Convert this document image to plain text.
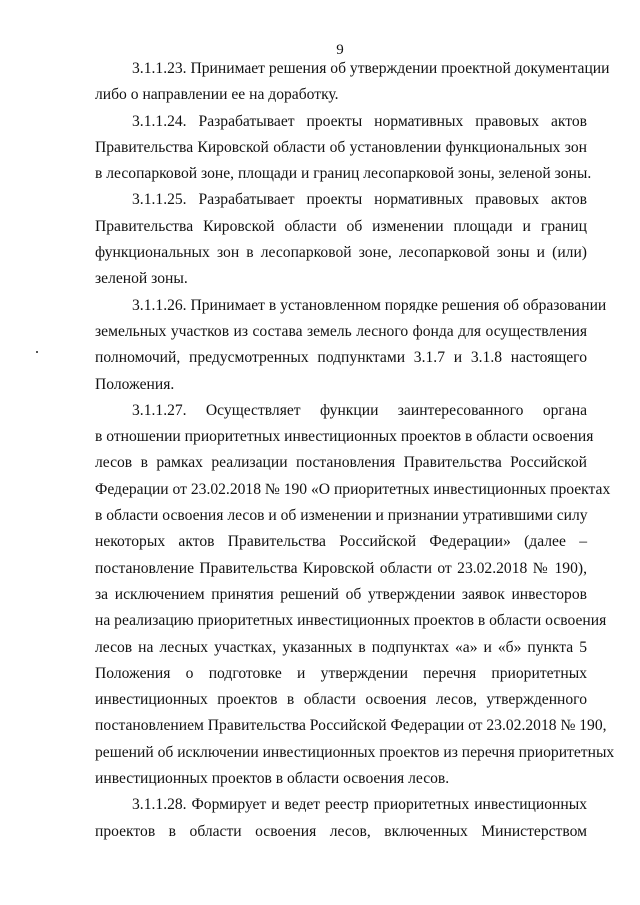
9
3.1.1.23. Принимает решения об утверждении проектной документации
либо о направлении ее на доработку.
3.1.1.24. Разрабатывает проекты нормативных правовых актов
Правительства Кировской области об установлении функциональных зон
в лесопарковой зоне, площади и границ лесопарковой зоны, зеленой зоны.
3.1.1.25. Разрабатывает проекты нормативных правовых актов
Правительства Кировской области об изменении площади и границ
функциональных зон в лесопарковой зоне, лесопарковой зоны и (или)
зеленой зоны.
3.1.1.26. Принимает в установленном порядке решения об образовании
земельных участков из состава земель лесного фонда для осуществления
полномочий, предусмотренных подпунктами 3.1.7 и 3.1.8 настоящего
Положения.
3.1.1.27. Осуществляет функции заинтересованного органа
в отношении приоритетных инвестиционных проектов в области освоения
лесов в рамках реализации постановления Правительства Российской
Федерации от 23.02.2018 № 190 «О приоритетных инвестиционных проектах
в области освоения лесов и об изменении и признании утратившими силу
некоторых актов Правительства Российской Федерации» (далее –
постановление Правительства Кировской области от 23.02.2018 № 190),
за исключением принятия решений об утверждении заявок инвесторов
на реализацию приоритетных инвестиционных проектов в области освоения
лесов на лесных участках, указанных в подпунктах «а» и «б» пункта 5
Положения о подготовке и утверждении перечня приоритетных
инвестиционных проектов в области освоения лесов, утвержденного
постановлением Правительства Российской Федерации от 23.02.2018 № 190,
решений об исключении инвестиционных проектов из перечня приоритетных
инвестиционных проектов в области освоения лесов.
3.1.1.28. Формирует и ведет реестр приоритетных инвестиционных
проектов в области освоения лесов, включенных Министерством
